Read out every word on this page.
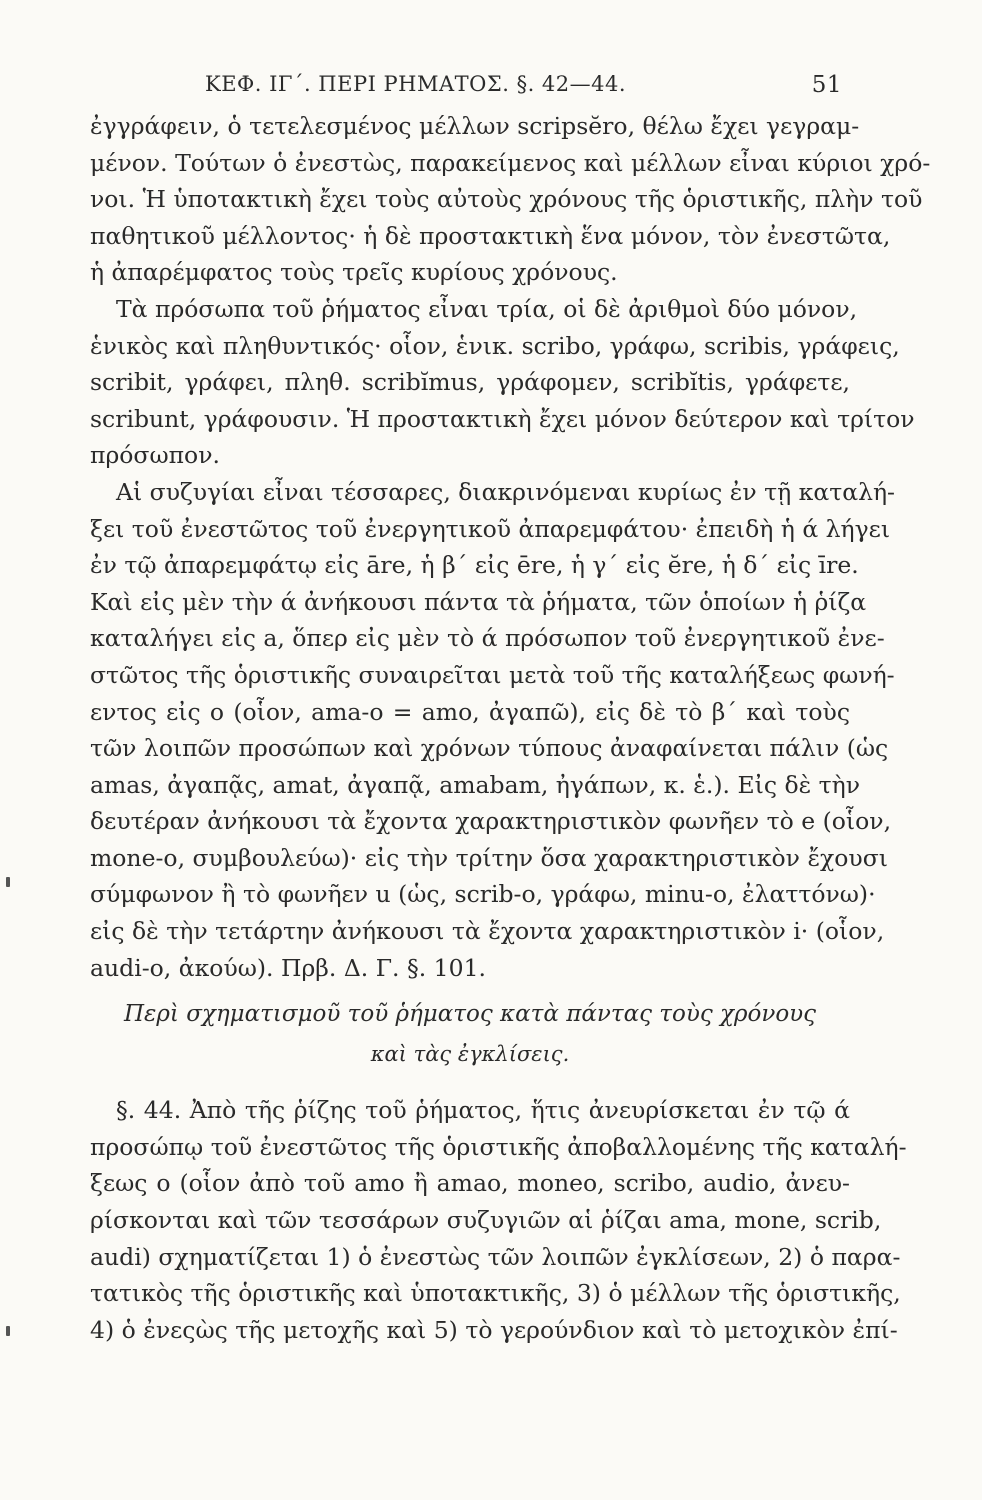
ΚΕΦ. ΙΓ΄. ΠΕΡΙ ΡΗΜΑΤΟΣ. §. 42—44.	51
ἐγγράφειν, ὁ τετελεσμένος μέλλων scripsĕro, θέλω ἔχει γεγραμ-
μένον. Τούτων ὁ ἐνεστὼς, παρακείμενος καὶ μέλλων εἶναι κύριοι χρό-
νοι. Ἡ ὑποτακτικὴ ἔχει τοὺς αὐτοὺς χρόνους τῆς ὁριστικῆς, πλὴν τοῦ
παθητικοῦ μέλλοντος· ἡ δὲ προστακτικὴ ἕνα μόνον, τὸν ἐνεστῶτα,
ἡ ἀπαρέμφατος τοὺς τρεῖς κυρίους χρόνους.
Τὰ πρόσωπα τοῦ ῥήματος εἶναι τρία, οἱ δὲ ἀριθμοὶ δύο μόνον,
ἑνικὸς καὶ πληθυντικός· οἷον, ἑνικ. scribo, γράφω, scribis, γράφεις,
scribit, γράφει, πληθ. scribĭmus, γράφομεν, scribĭtis, γράφετε,
scribunt, γράφουσιν. Ἡ προστακτικὴ ἔχει μόνον δεύτερον καὶ τρίτον
πρόσωπον.
Αἱ συζυγίαι εἶναι τέσσαρες, διακρινόμεναι κυρίως ἐν τῇ καταλή-
ξει τοῦ ἐνεστῶτος τοῦ ἐνεργητικοῦ ἀπαρεμφάτου· ἐπειδὴ ἡ ά λήγει
ἐν τῷ ἀπαρεμφάτῳ εἰς āre, ἡ β΄ εἰς ēre, ἡ γ΄ εἰς ĕre, ἡ δ΄ εἰς īre.
Καὶ εἰς μὲν τὴν ά ἀνήκουσι πάντα τὰ ῥήματα, τῶν ὁποίων ἡ ῥίζα
καταλήγει εἰς a, ὅπερ εἰς μὲν τὸ ά πρόσωπον τοῦ ἐνεργητικοῦ ἐνε-
στῶτος τῆς ὁριστικῆς συναιρεῖται μετὰ τοῦ τῆς καταλήξεως φωνή-
εντος εἰς o (οἷον, ama-o = amo, ἀγαπῶ), εἰς δὲ τὸ β΄ καὶ τοὺς
τῶν λοιπῶν προσώπων καὶ χρόνων τύπους ἀναφαίνεται πάλιν (ὡς
amas, ἀγαπᾷς, amat, ἀγαπᾷ, amabam, ἠγάπων, κ. ἑ.). Εἰς δὲ τὴν
δευτέραν ἀνήκουσι τὰ ἔχοντα χαρακτηριστικὸν φωνῆεν τὸ e (οἷον,
mone-o, συμβουλεύω)· εἰς τὴν τρίτην ὅσα χαρακτηριστικὸν ἔχουσι
σύμφωνον ἢ τὸ φωνῆεν u (ὡς, scrib-o, γράφω, minu-o, ἐλαττόνω)·
εἰς δὲ τὴν τετάρτην ἀνήκουσι τὰ ἔχοντα χαρακτηριστικὸν i· (οἷον,
audi-o, ἀκούω). Πρβ. Δ. Γ. §. 101.
Περὶ σχηματισμοῦ τοῦ ῥήματος κατὰ πάντας τοὺς χρόνους
καὶ τὰς ἐγκλίσεις.
§. 44. Ἀπὸ τῆς ῥίζης τοῦ ῥήματος, ἥτις ἀνευρίσκεται ἐν τῷ ά
προσώπῳ τοῦ ἐνεστῶτος τῆς ὁριστικῆς ἀποβαλλομένης τῆς καταλή-
ξεως o (οἷον ἀπὸ τοῦ amo ἢ amao, moneo, scribo, audio, ἀνευ-
ρίσκονται καὶ τῶν τεσσάρων συζυγιῶν αἱ ῥίζαι ama, mone, scrib,
audi) σχηματίζεται 1) ὁ ἐνεστὼς τῶν λοιπῶν ἐγκλίσεων, 2) ὁ παρα-
τατικὸς τῆς ὁριστικῆς καὶ ὑποτακτικῆς, 3) ὁ μέλλων τῆς ὁριστικῆς,
4) ὁ ἐνεςὼς τῆς μετοχῆς καὶ 5) τὸ γερούνδιον καὶ τὸ μετοχικὸν ἐπί-
